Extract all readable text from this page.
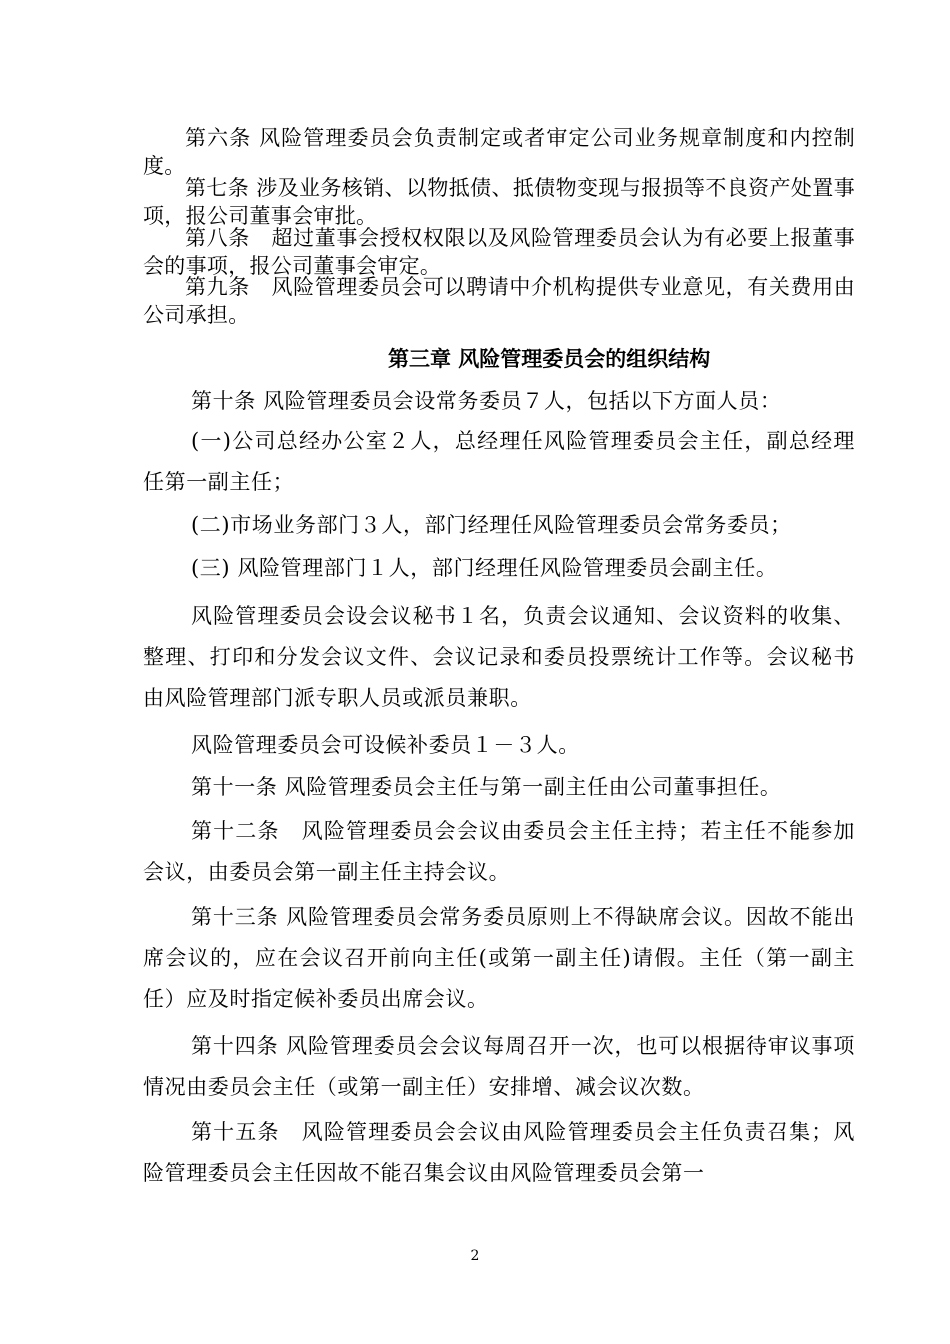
第六条 风险管理委员会负责制定或者审定公司业务规章制度和内控制度。

第七条 涉及业务核销、以物抵债、抵债物变现与报损等不良资产处置事项，报公司董事会审批。

第八条　超过董事会授权权限以及风险管理委员会认为有必要上报董事会的事项，报公司董事会审定。

第九条　风险管理委员会可以聘请中介机构提供专业意见，有关费用由公司承担。

第三章 风险管理委员会的组织结构

第十条 风险管理委员会设常务委员７人，包括以下方面人员：

(一)公司总经办公室２人，总经理任风险管理委员会主任，副总经理任第一副主任；

(二)市场业务部门３人，部门经理任风险管理委员会常务委员；

(三) 风险管理部门１人，部门经理任风险管理委员会副主任。

风险管理委员会设会议秘书１名，负责会议通知、会议资料的收集、整理、打印和分发会议文件、会议记录和委员投票统计工作等。会议秘书由风险管理部门派专职人员或派员兼职。

风险管理委员会可设候补委员１－３人。

第十一条 风险管理委员会主任与第一副主任由公司董事担任。

第十二条　风险管理委员会会议由委员会主任主持；若主任不能参加会议，由委员会第一副主任主持会议。

第十三条 风险管理委员会常务委员原则上不得缺席会议。因故不能出席会议的，应在会议召开前向主任(或第一副主任)请假。主任（第一副主任）应及时指定候补委员出席会议。

第十四条 风险管理委员会会议每周召开一次，也可以根据待审议事项情况由委员会主任（或第一副主任）安排增、减会议次数。

第十五条　风险管理委员会会议由风险管理委员会主任负责召集；风险管理委员会主任因故不能召集会议由风险管理委员会第一

2
